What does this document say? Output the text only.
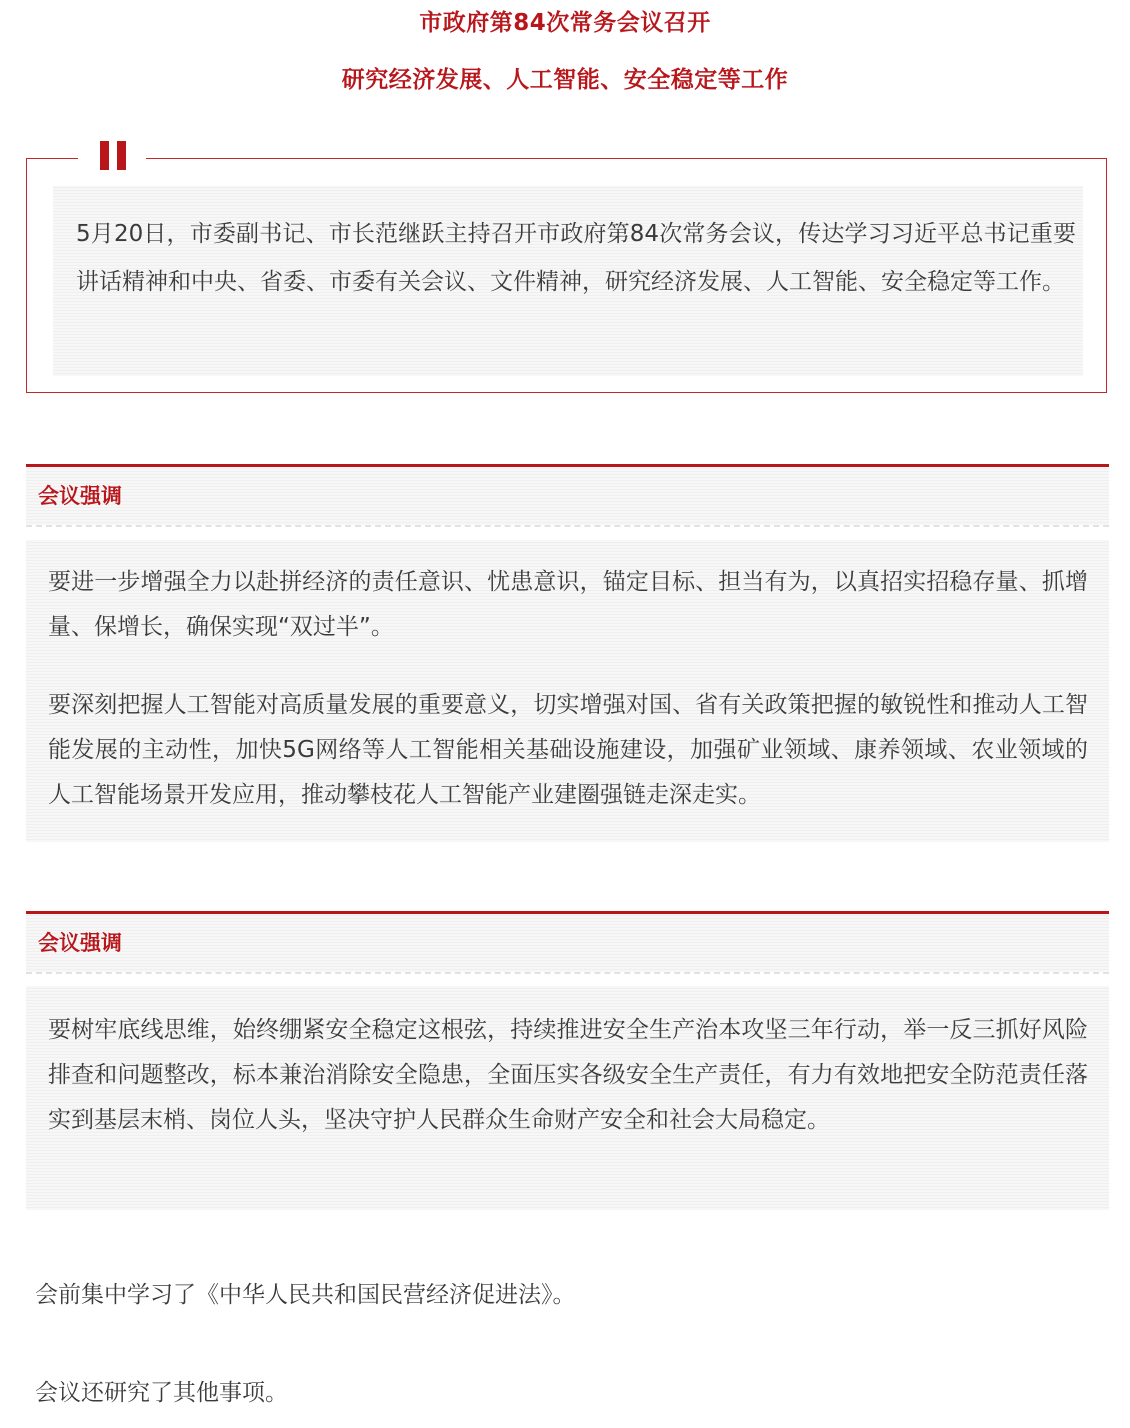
市政府第84次常务会议召开
研究经济发展、人工智能、安全稳定等工作
5月20日，市委副书记、市长范继跃主持召开市政府第84次常务会议，传达学习习近平总书记重要讲话精神和中央、省委、市委有关会议、文件精神，研究经济发展、人工智能、安全稳定等工作。
会议强调

要进一步增强全力以赴拼经济的责任意识、忧患意识，锚定目标、担当有为，以真招实招稳存量、抓增量、保增长，确保实现“双过半”。

要深刻把握人工智能对高质量发展的重要意义，切实增强对国、省有关政策把握的敏锐性和推动人工智能发展的主动性，加快5G网络等人工智能相关基础设施建设，加强矿业领域、康养领域、农业领域的人工智能场景开发应用，推动攀枝花人工智能产业建圈强链走深走实。

会议强调

要树牢底线思维，始终绷紧安全稳定这根弦，持续推进安全生产治本攻坚三年行动，举一反三抓好风险排查和问题整改，标本兼治消除安全隐患，全面压实各级安全生产责任，有力有效地把安全防范责任落实到基层末梢、岗位人头，坚决守护人民群众生命财产安全和社会大局稳定。

会前集中学习了《中华人民共和国民营经济促进法》。
会议还研究了其他事项。
